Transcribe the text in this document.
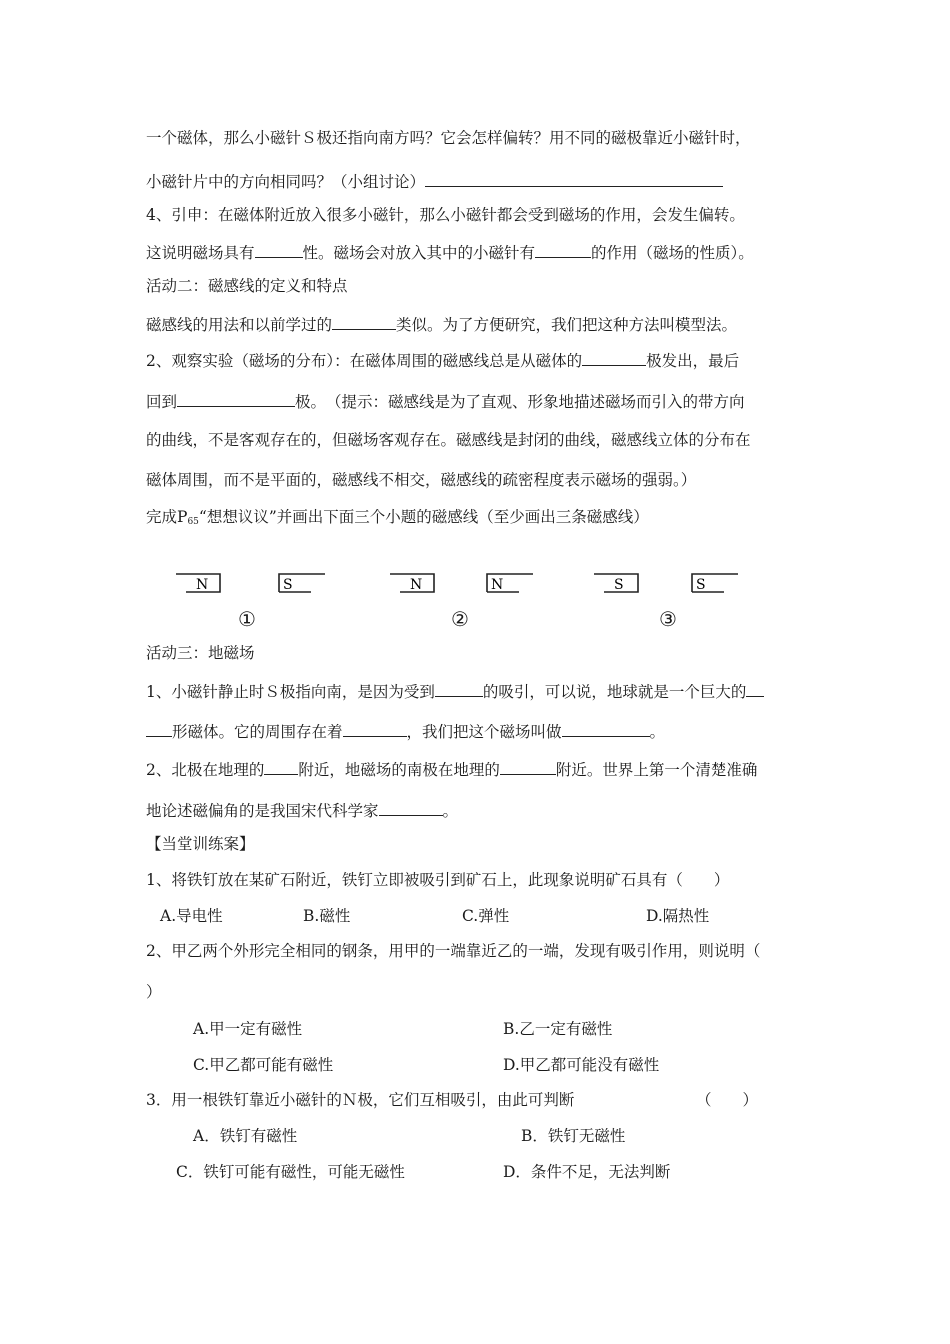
一个磁体，那么小磁针Ｓ极还指向南方吗？它会怎样偏转？用不同的磁极靠近小磁针时，
小磁针片中的方向相同吗？（小组讨论）
4、引申：在磁体附近放入很多小磁针，那么小磁针都会受到磁场的作用，会发生偏转。
这说明磁场具有	性。磁场会对放入其中的小磁针有	的作用（磁场的性质）。
活动二：磁感线的定义和特点
磁感线的用法和以前学过的	类似。为了方便研究，我们把这种方法叫模型法。
2、观察实验（磁场的分布）：在磁体周围的磁感线总是从磁体的	极发出，最后
回到	极。　（提示：磁感线是为了直观、形象地描述磁场而引入的带方向
的曲线，不是客观存在的，但磁场客观存在。磁感线是封闭的曲线，磁感线立体的分布在
磁体周围，而不是平面的，磁感线不相交，磁感线的疏密程度表示磁场的强弱。）
完成$P_{65}“$想想议议”并画出下面三个小题的磁感线（至少画出三条磁感线）
N	S	N	N	S	S
①	②	③
活动三：地磁场
1、小磁针静止时Ｓ极指向南，是因为受到	的吸引，可以说，地球就是一个巨大的
形磁体。它的周围存在着	，我们把这个磁场叫做	。
2、北极在地理的 附近，地磁场的南极在地理的	附近。世界上第一个清楚准确
地论述磁偏角的是我国宋代科学家	。
【当堂训练案】
1、将铁钉放在某矿石附近，铁钉立即被吸引到矿石上，此现象说明矿石具有（　　）
A.导电性	B.磁性	C.弹性	D.隔热性
2、甲乙两个外形完全相同的钢条，用甲的一端靠近乙的一端，发现有吸引作用，则说明（
）
A.甲一定有磁性	B.乙一定有磁性
C.甲乙都可能有磁性	D.甲乙都可能没有磁性
3．用一根铁钉靠近小磁针的Ｎ极，它们互相吸引，由此可判断	（　　）
A．铁钉有磁性	B．铁钉无磁性
C．铁钉可能有磁性，可能无磁性	D．条件不足，无法判断
